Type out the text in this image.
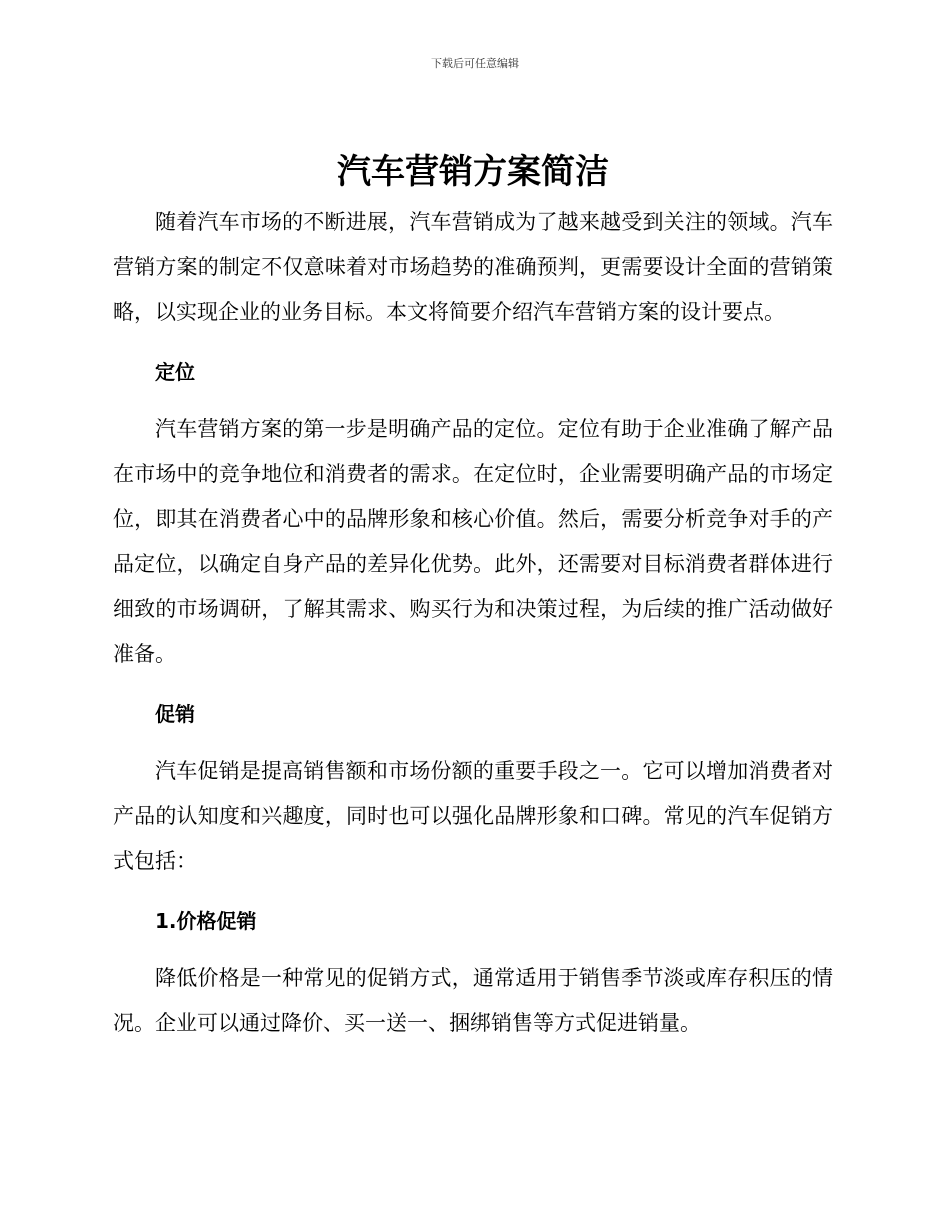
下载后可任意编辑
汽车营销方案简洁

随着汽车市场的不断进展，汽车营销成为了越来越受到关注的领域。汽车营销方案的制定不仅意味着对市场趋势的准确预判，更需要设计全面的营销策略，以实现企业的业务目标。本文将简要介绍汽车营销方案的设计要点。

定位

汽车营销方案的第一步是明确产品的定位。定位有助于企业准确了解产品在市场中的竞争地位和消费者的需求。在定位时，企业需要明确产品的市场定位，即其在消费者心中的品牌形象和核心价值。然后，需要分析竞争对手的产品定位，以确定自身产品的差异化优势。此外，还需要对目标消费者群体进行细致的市场调研，了解其需求、购买行为和决策过程，为后续的推广活动做好准备。

促销

汽车促销是提高销售额和市场份额的重要手段之一。它可以增加消费者对产品的认知度和兴趣度，同时也可以强化品牌形象和口碑。常见的汽车促销方式包括：

1.价格促销

降低价格是一种常见的促销方式，通常适用于销售季节淡或库存积压的情况。企业可以通过降价、买一送一、捆绑销售等方式促进销量。
